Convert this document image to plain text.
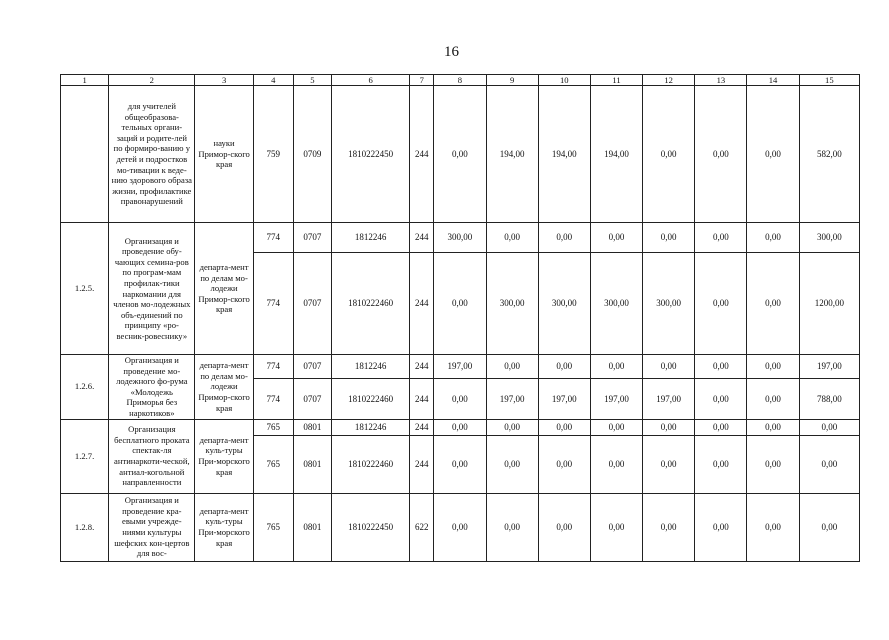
16
1	2	3	4	5	6	7	8	9	10	11	12	13	14	15
	для учителей общеобразова-тельных органи-заций и родите-лей по формиро-ванию у детей и подростков мо-тивации к веде-нию здорового образа жизни, профилактике правонарушений	науки Примор-ского края	759	0709	1810222450	244	0,00	194,00	194,00	194,00	0,00	0,00	0,00	582,00
1.2.5.	Организация и проведение обу-чающих семина-ров по програм-мам профилак-тики наркомании для членов мо-лодежных объ-единений по принципу «ро-весник-ровеснику»	департа-мент по делам мо-лодежи Примор-ского края	774	0707	1812246	244	300,00	0,00	0,00	0,00	0,00	0,00	0,00	300,00
			774	0707	1810222460	244	0,00	300,00	300,00	300,00	300,00	0,00	0,00	1200,00
1.2.6.	Организация и проведение мо-лодежного фо-рума «Молодежь Приморья без наркотиков»	департа-мент по делам мо-лодежи Примор-ского края	774	0707	1812246	244	197,00	0,00	0,00	0,00	0,00	0,00	0,00	197,00
			774	0707	1810222460	244	0,00	197,00	197,00	197,00	197,00	0,00	0,00	788,00
1.2.7.	Организация бесплатного проката спектак-ля антинаркоти-ческой, антиал-когольной направленности	департа-мент куль-туры При-морского края	765	0801	1812246	244	0,00	0,00	0,00	0,00	0,00	0,00	0,00	0,00
			765	0801	1810222460	244	0,00	0,00	0,00	0,00	0,00	0,00	0,00	0,00
1.2.8.	Организация и проведение кра-евыми учрежде-ниями культуры шефских кон-цертов для вос-	департа-мент куль-туры При-морского края	765	0801	1810222450	622	0,00	0,00	0,00	0,00	0,00	0,00	0,00	0,00
